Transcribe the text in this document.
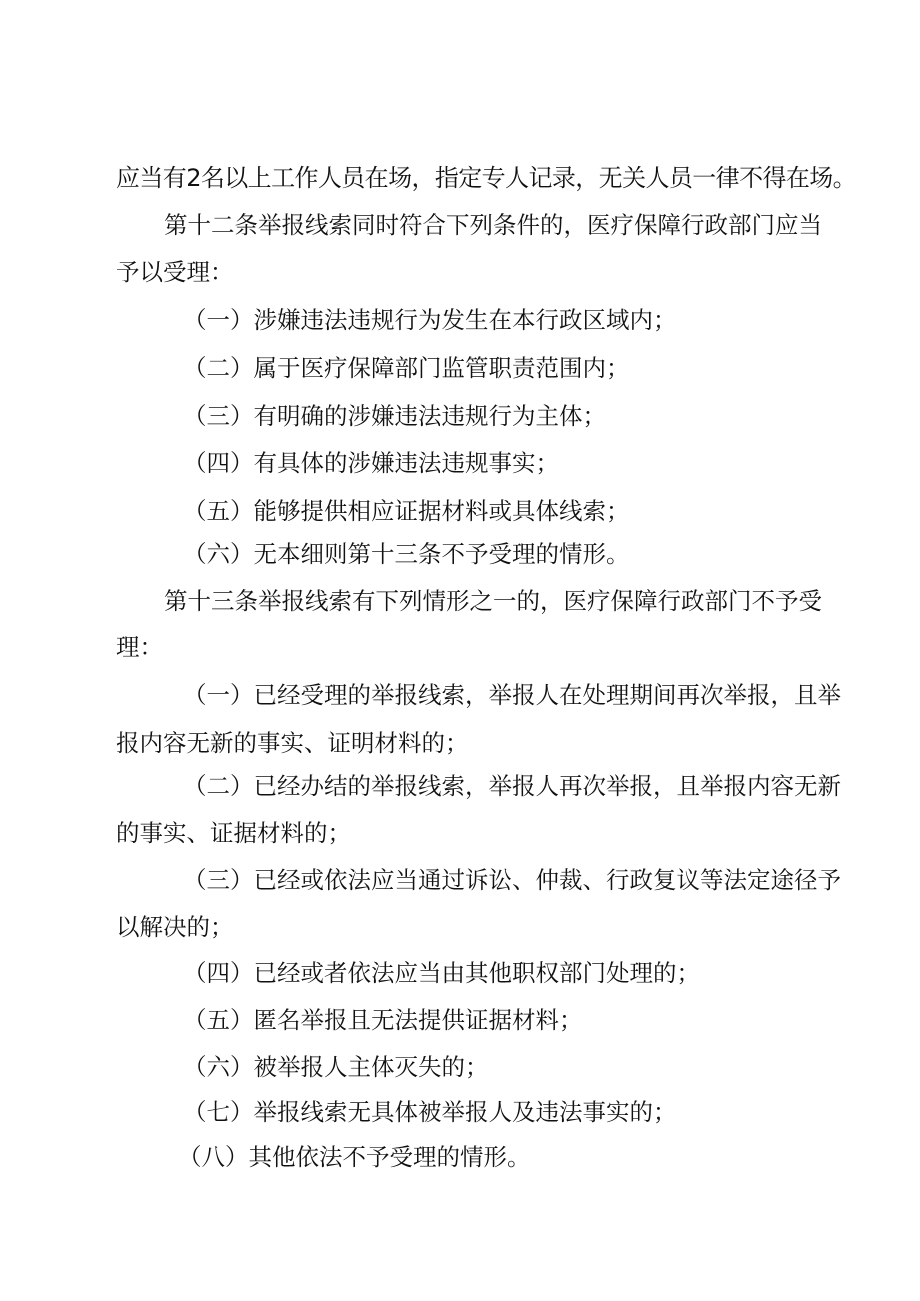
应当有2名以上工作人员在场，指定专人记录，无关人员一律不得在场。
第十二条举报线索同时符合下列条件的，医疗保障行政部门应当
予以受理：
（一）涉嫌违法违规行为发生在本行政区域内；
（二）属于医疗保障部门监管职责范围内；
（三）有明确的涉嫌违法违规行为主体；
（四）有具体的涉嫌违法违规事实；
（五）能够提供相应证据材料或具体线索；
（六）无本细则第十三条不予受理的情形。
第十三条举报线索有下列情形之一的，医疗保障行政部门不予受
理：
（一）已经受理的举报线索，举报人在处理期间再次举报，且举
报内容无新的事实、证明材料的；
（二）已经办结的举报线索，举报人再次举报，且举报内容无新
的事实、证据材料的；
（三）已经或依法应当通过诉讼、仲裁、行政复议等法定途径予
以解决的；
（四）已经或者依法应当由其他职权部门处理的；
（五）匿名举报且无法提供证据材料；
（六）被举报人主体灭失的；
（七）举报线索无具体被举报人及违法事实的；
（八）其他依法不予受理的情形。
